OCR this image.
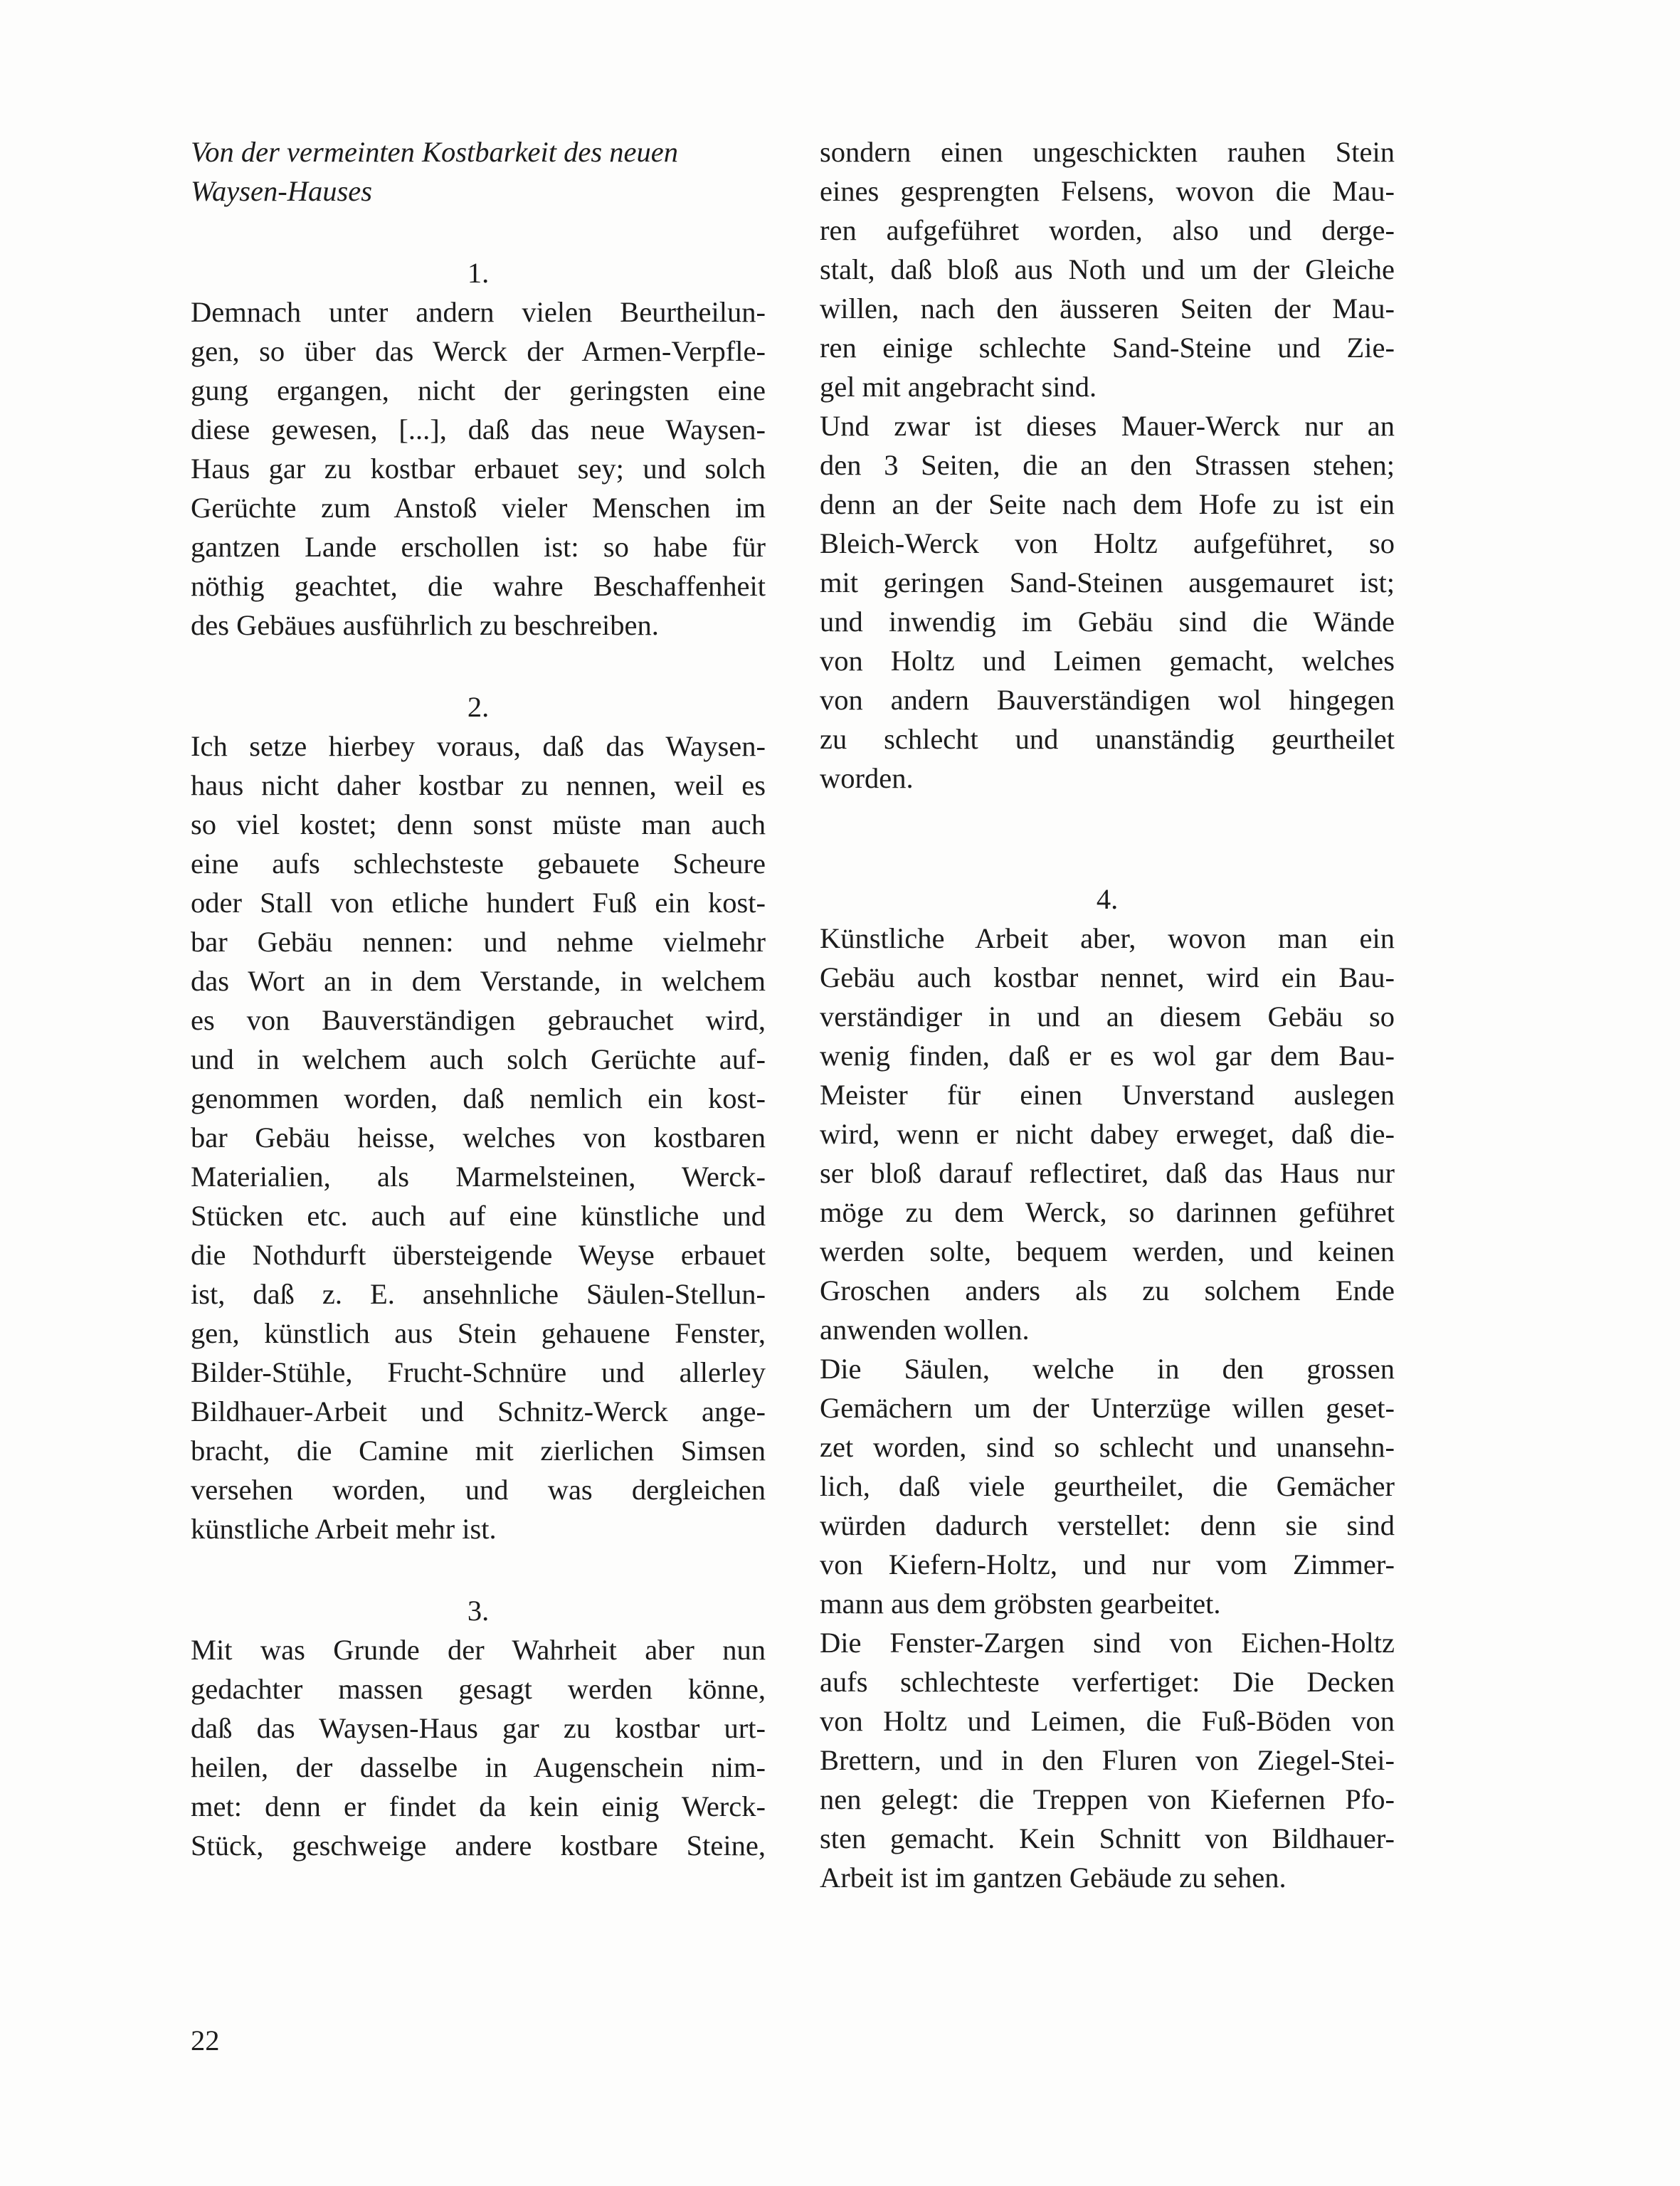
Von der vermeinten Kostbarkeit des neuen
Waysen-Hauses
1.
Demnach unter andern vielen Beurtheilun-
gen, so über das Werck der Armen-Verpfle-
gung ergangen, nicht der geringsten eine
diese gewesen, [...], daß das neue Waysen-
Haus gar zu kostbar erbauet sey; und solch
Gerüchte zum Anstoß vieler Menschen im
gantzen Lande erschollen ist: so habe für
nöthig geachtet, die wahre Beschaffenheit
des Gebäues ausführlich zu beschreiben.
2.
Ich setze hierbey voraus, daß das Waysen-
haus nicht daher kostbar zu nennen, weil es
so viel kostet; denn sonst müste man auch
eine aufs schlechsteste gebauete Scheure
oder Stall von etliche hundert Fuß ein kost-
bar Gebäu nennen: und nehme vielmehr
das Wort an in dem Verstande, in welchem
es von Bauverständigen gebrauchet wird,
und in welchem auch solch Gerüchte auf-
genommen worden, daß nemlich ein kost-
bar Gebäu heisse, welches von kostbaren
Materialien, als Marmelsteinen, Werck-
Stücken etc. auch auf eine künstliche und
die Nothdurft übersteigende Weyse erbauet
ist, daß z. E. ansehnliche Säulen-Stellun-
gen, künstlich aus Stein gehauene Fenster,
Bilder-Stühle, Frucht-Schnüre und allerley
Bildhauer-Arbeit und Schnitz-Werck ange-
bracht, die Camine mit zierlichen Simsen
versehen worden, und was dergleichen
künstliche Arbeit mehr ist.
3.
Mit was Grunde der Wahrheit aber nun
gedachter massen gesagt werden könne,
daß das Waysen-Haus gar zu kostbar urt-
heilen, der dasselbe in Augenschein nim-
met: denn er findet da kein einig Werck-
Stück, geschweige andere kostbare Steine,
sondern einen ungeschickten rauhen Stein
eines gesprengten Felsens, wovon die Mau-
ren aufgeführet worden, also und derge-
stalt, daß bloß aus Noth und um der Gleiche
willen, nach den äusseren Seiten der Mau-
ren einige schlechte Sand-Steine und Zie-
gel mit angebracht sind.
Und zwar ist dieses Mauer-Werck nur an
den 3 Seiten, die an den Strassen stehen;
denn an der Seite nach dem Hofe zu ist ein
Bleich-Werck von Holtz aufgeführet, so
mit geringen Sand-Steinen ausgemauret ist;
und inwendig im Gebäu sind die Wände
von Holtz und Leimen gemacht, welches
von andern Bauverständigen wol hingegen
zu schlecht und unanständig geurtheilet
worden.
4.
Künstliche Arbeit aber, wovon man ein
Gebäu auch kostbar nennet, wird ein Bau-
verständiger in und an diesem Gebäu so
wenig finden, daß er es wol gar dem Bau-
Meister für einen Unverstand auslegen
wird, wenn er nicht dabey erweget, daß die-
ser bloß darauf reflectiret, daß das Haus nur
möge zu dem Werck, so darinnen geführet
werden solte, bequem werden, und keinen
Groschen anders als zu solchem Ende
anwenden wollen.
Die Säulen, welche in den grossen
Gemächern um der Unterzüge willen geset-
zet worden, sind so schlecht und unansehn-
lich, daß viele geurtheilet, die Gemächer
würden dadurch verstellet: denn sie sind
von Kiefern-Holtz, und nur vom Zimmer-
mann aus dem gröbsten gearbeitet.
Die Fenster-Zargen sind von Eichen-Holtz
aufs schlechteste verfertiget: Die Decken
von Holtz und Leimen, die Fuß-Böden von
Brettern, und in den Fluren von Ziegel-Stei-
nen gelegt: die Treppen von Kiefernen Pfo-
sten gemacht. Kein Schnitt von Bildhauer-
Arbeit ist im gantzen Gebäude zu sehen.
22
